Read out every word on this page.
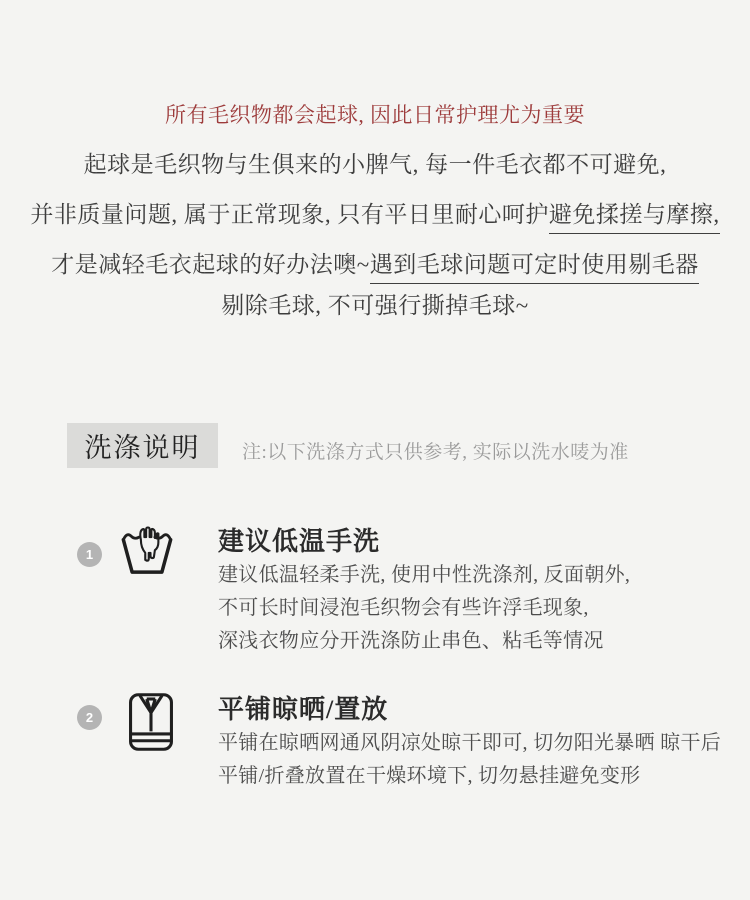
所有毛织物都会起球, 因此日常护理尤为重要
起球是毛织物与生俱来的小脾气, 每一件毛衣都不可避免,
并非质量问题, 属于正常现象, 只有平日里耐心呵护避免揉搓与摩擦,
才是减轻毛衣起球的好办法噢~遇到毛球问题可定时使用剔毛器
剔除毛球, 不可强行撕掉毛球~
洗涤说明 注:以下洗涤方式只供参考, 实际以洗水唛为准
1	建议低温手洗
建议低温轻柔手洗, 使用中性洗涤剂, 反面朝外,
不可长时间浸泡毛织物会有些许浮毛现象,
深浅衣物应分开洗涤防止串色、粘毛等情况
2	平铺晾晒/置放
平铺在晾晒网通风阴凉处晾干即可, 切勿阳光暴晒 晾干后
平铺/折叠放置在干燥环境下, 切勿悬挂避免变形
